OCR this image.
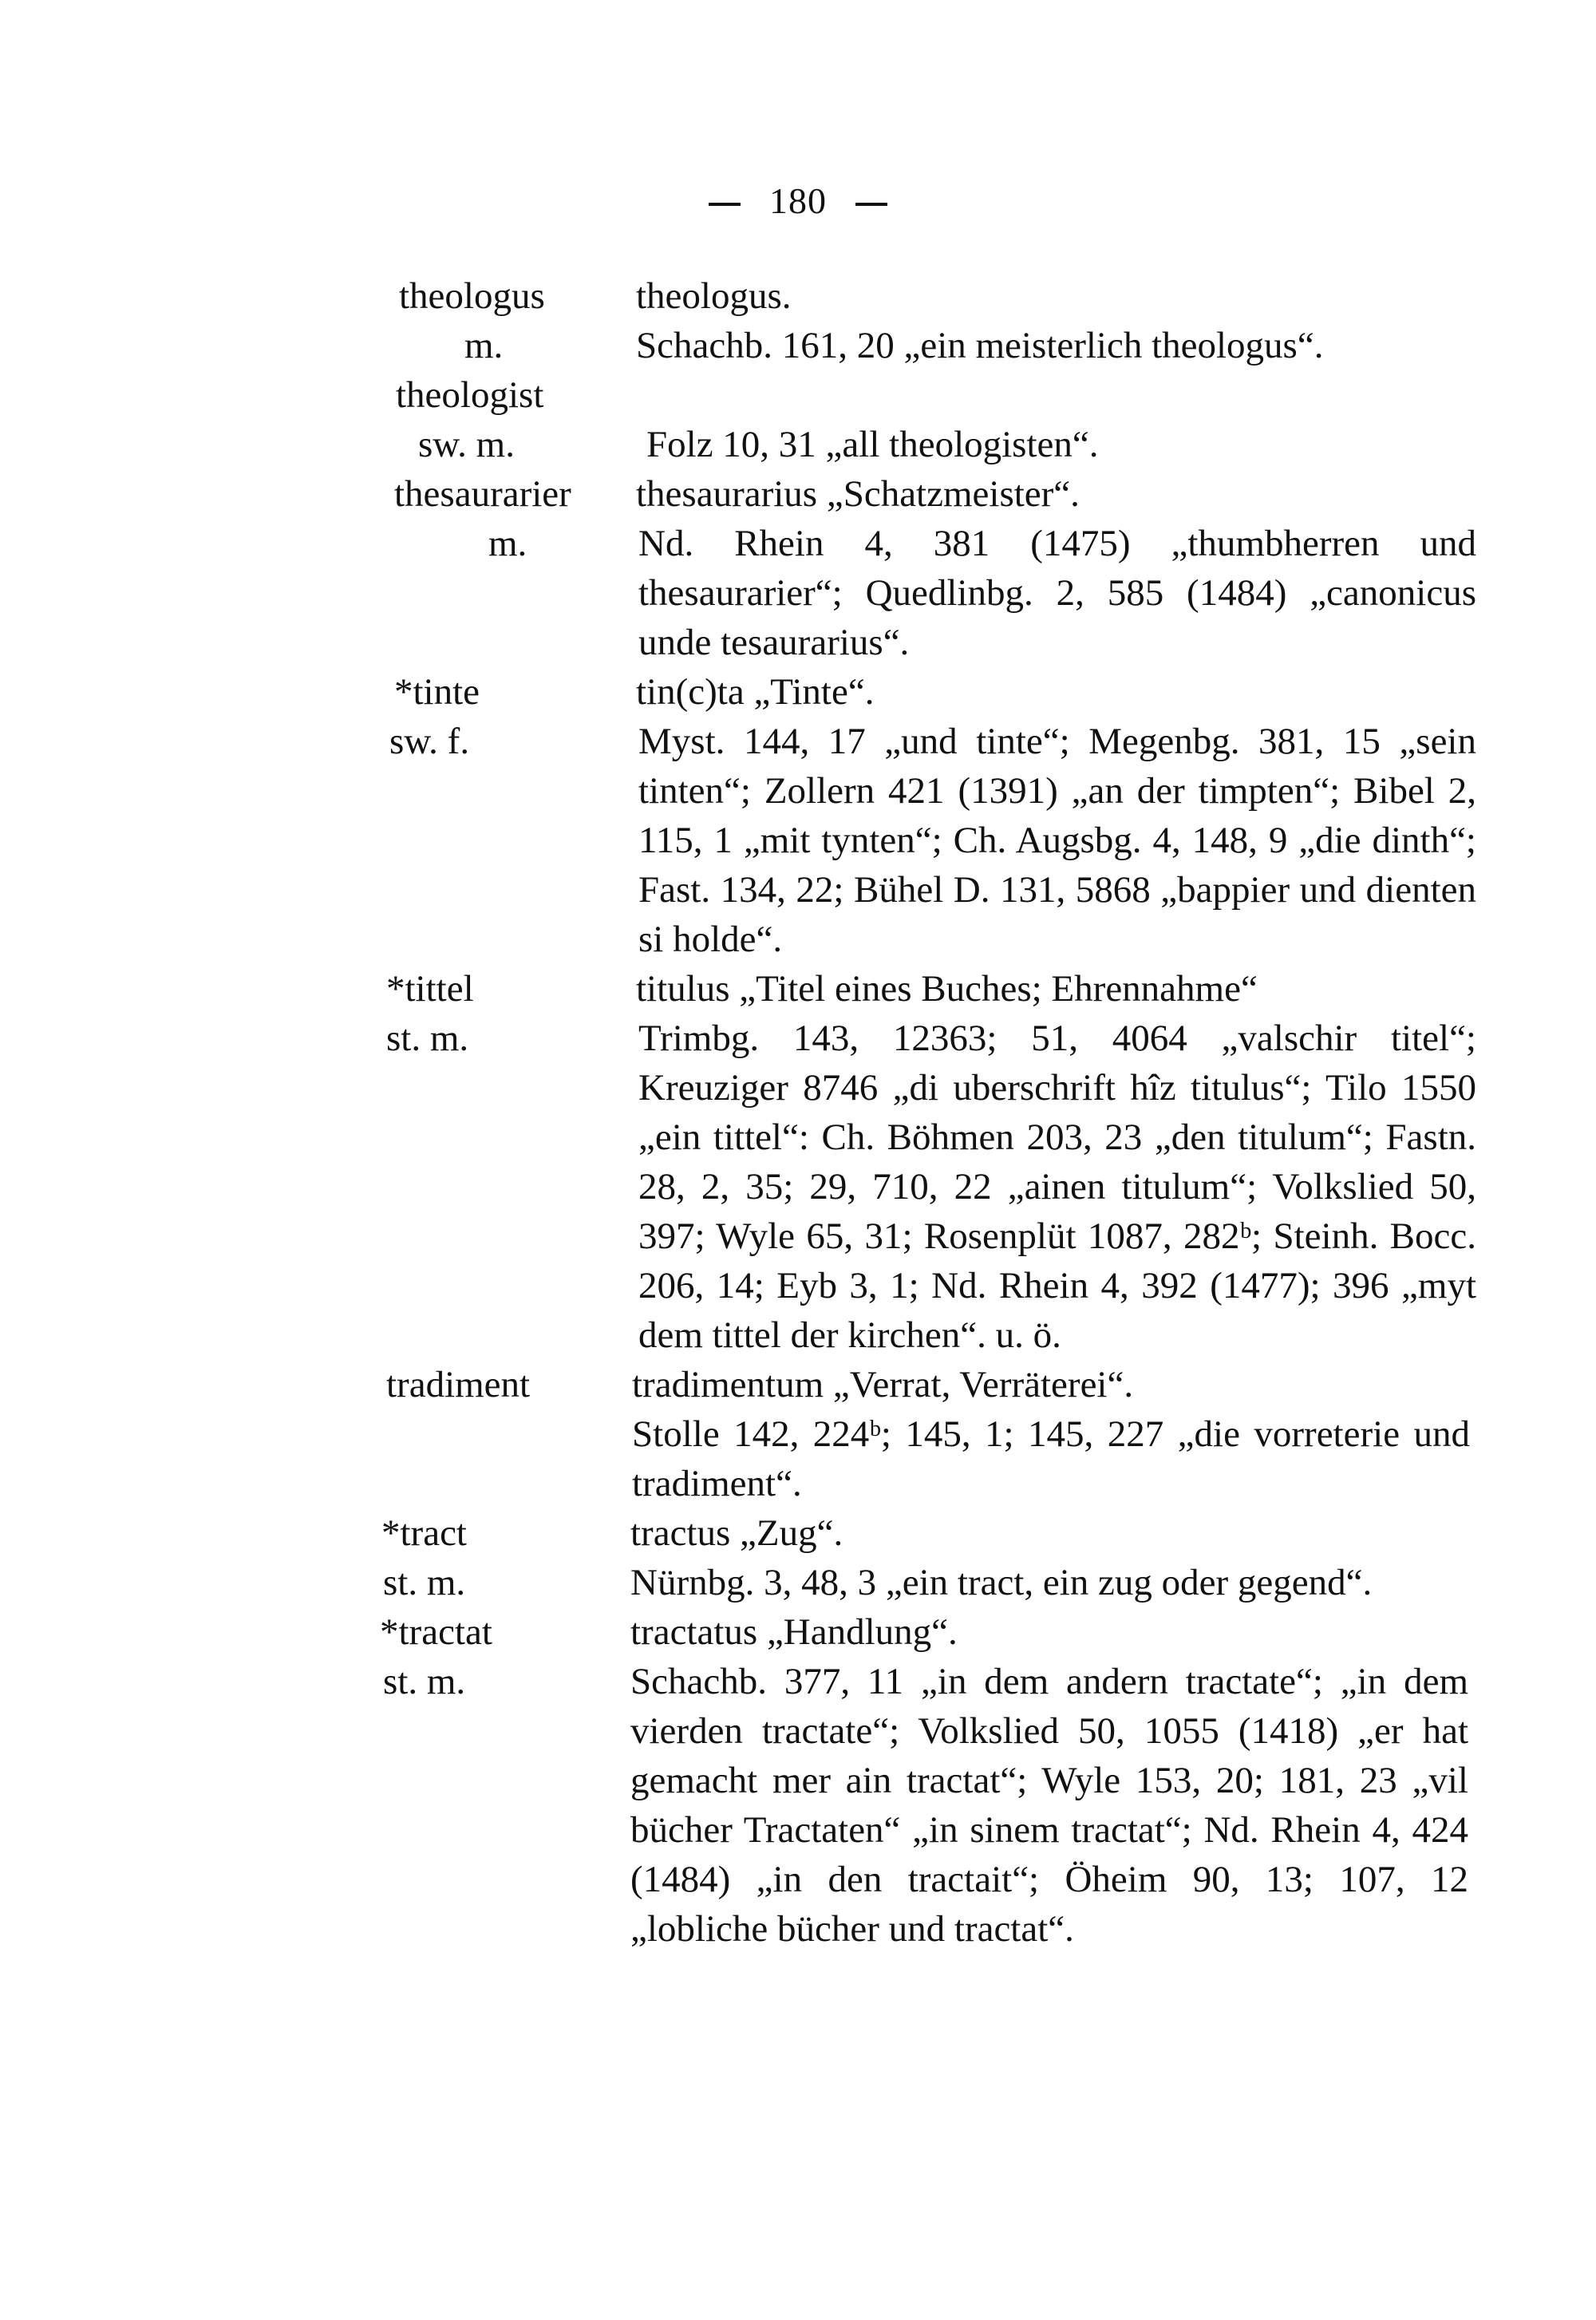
180
theologus	theologus.
m.	Schachb. 161, 20 „ein meisterlich theologus“.
theologist
sw. m.	Folz 10, 31 „all theologisten“.
thesaurarier	thesaurarius „Schatzmeister“.
m.	Nd. Rhein 4, 381 (1475) „thumbherren und thesaurarier“; Quedlinbg. 2, 585 (1484) „canonicus unde tesaurarius“.
*tinte	tin(c)ta „Tinte“.
sw. f.	Myst. 144, 17 „und tinte“; Megenbg. 381, 15 „sein tinten“; Zollern 421 (1391) „an der timpten“; Bibel 2, 115, 1 „mit tynten“; Ch. Augsbg. 4, 148, 9 „die dinth“; Fast. 134, 22; Bühel D. 131, 5868 „bappier und dienten si holde“.
*tittel	titulus „Titel eines Buches; Ehrennahme“
st. m.	Trimbg. 143, 12363; 51, 4064 „valschir titel“; Kreuziger 8746 „di uberschrift hîz titulus“; Tilo 1550 „ein tittel“: Ch. Böhmen 203, 23 „den titulum“; Fastn. 28, 2, 35; 29, 710, 22 „ainen titulum“; Volkslied 50, 397; Wyle 65, 31; Rosenplüt 1087, 282ᵇ; Steinh. Bocc. 206, 14; Eyb 3, 1; Nd. Rhein 4, 392 (1477); 396 „myt dem tittel der kirchen“. u. ö.
tradiment	tradimentum „Verrat, Verräterei“.
Stolle 142, 224ᵇ; 145, 1; 145, 227 „die vorreterie und tradiment“.
*tract	tractus „Zug“.
st. m.	Nürnbg. 3, 48, 3 „ein tract, ein zug oder gegend“.
*tractat	tractatus „Handlung“.
st. m.	Schachb. 377, 11 „in dem andern tractate“; „in dem vierden tractate“; Volkslied 50, 1055 (1418) „er hat gemacht mer ain tractat“; Wyle 153, 20; 181, 23 „vil bücher Tractaten“ „in sinem tractat“; Nd. Rhein 4, 424 (1484) „in den tractait“; Öheim 90, 13; 107, 12 „lobliche bücher und tractat“.
